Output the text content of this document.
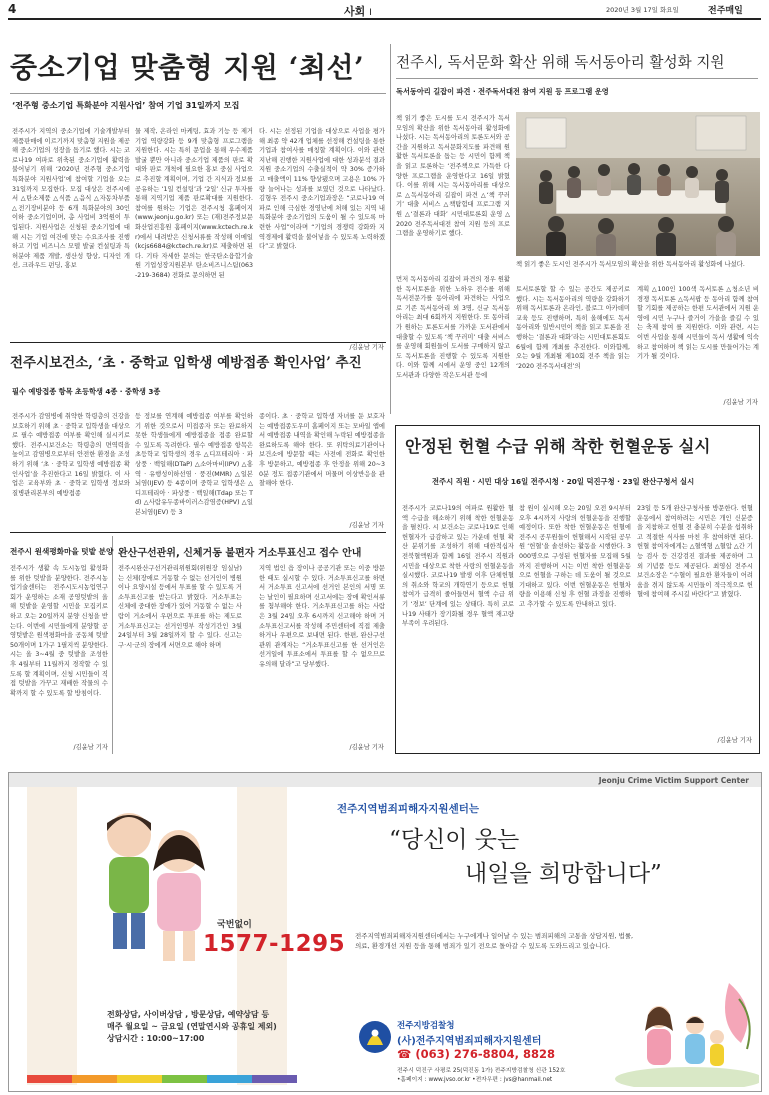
4	사회 I	2020년 3월 17일 화요일	전주매일
중소기업 맞춤형 지원 ‘최선’
‘전주형 중소기업 특화분야 지원사업’ 참여 기업 31일까지 모집
전주시가 지역의 중소기업에 기술개발부터 제품판매에 이르기까지 맞춤형 지원을 제공해 중소기업의 성장을 돕기로 했다. 시는 코로나19 여파로 위축된 중소기업에 활력을 불어넣기 위해 ‘2020년 전주형 중소기업 특화분야 지원사업’에 참여할 기업을 오는 31일까지 모집한다. 모집 대상은 전주시에서 △탄소제품 △식품 △음식 △자동차부품 △전기장비분야 등 6개 특화분야의 30인 이하 중소기업이며, 총 사업비 3억원이 투입된다. 지원사업은 신청된 중소기업에 대해 시는 기업 여건에 맞는 수요조사를 진행하고 기업 비즈니스 모델 발굴 컨설팅과 특허분야 제품 개발, 생산성 향상, 디자인 개선, 크라우드 펀딩, 홍보
물 제작, 온라인 마케팅, 효과 기능 등 제거 기업 역량강화 등 9개 맞춤형 프로그램을 지원한다. 시는 특히 문업을 통해 우수제품 발굴 뿐만 아니라 중소기업 제품의 판로 확대와 판로 개척에 필요한 홍보 중심 사업으로 추진할 계획이며, 기업 간 지식과 정보를 공유하는 ‘1일 컨설팅’과 ‘2일’ 신규 투자를 통해 지역기업 제품 판로확대를 지원한다. 참여를 원하는 기업은 전주시청 홈페이지(www.jeonju.go.kr) 또는 (재)전주정보문화산업진흥원 홈페이지(www.kctech.re.kr)에서 내려받은 신청서류를 작성해 이메일(kcjs6684@kctech.re.kr)로 제출하면 된다. 기타 자세한 문의는 한국탄소융합기술원 기업성장지원본부 탄소비즈니스팀(063-219-3684) 전화로 문의하면 된
다. 시는 선정된 기업을 대상으로 사업을 평가해 최종 약 42개 업체를 선정해 컨설팅을 통한 기업과 참여사를 매칭할 계획이다. 이와 관련 지난해 진행한 지원사업에 대한 성과분석 결과 지원 중소기업의 수출실적이 약 30% 증가하고 매출액이 11% 향상됐으며 고용은 10% 가량 늘어나는 성과를 보였던 것으로 나타났다. 김형우 전주시 중소기업과장은 “코로나19 여파로 인해 극심한 경영난에 처해 있는 지역 내 특화분야 중소기업의 도움이 될 수 있도록 마련한 사업”이라며 “기업의 경쟁력 강화와 지역경제에 활력을 불어넣을 수 있도록 노력하겠다”고 밝혔다.
/김윤남 기자
전주시보건소, ‘초 · 중학교 입학생 예방접종 확인사업’ 추진
필수 예방접종 항목 초등학생 4종 · 중학생 3종
전주시가 감염병에 취약한 학령층의 건강을 보호하기 위해 초 · 중학교 입학생을 대상으로 필수 예방접종 여부를 확인해 실시키로 했다. 전주시보건소는 학령층의 면역력을 높이고 감염병으로부터 안전한 환경을 조성하기 위해 ‘초 · 중학교 입학생 예방접종 확인사업’을 추진한다고 16일 밝혔다. 이 사업은 교육부와 초 · 중학교 입학생 정보와 질병관리본부의 예방접종
등 정보를 연계해 예방접종 여부를 확인하기 위한 것으로서 미접종자 또는 완료하지 못한 학생들에게 예방접종을 접종 완료할 수 있도록 독려한다. 필수 예방접종 항목은 초등학교 입학생의 경우 △디프테리아 · 파상풍 · 백일해(DTaP) △소아마비(IPV) △홍역 · 유행성이하선염 · 풍진(MMR) △일본뇌염(IJEV) 등 4종이며 중학교 입학생은 △디프테리아 · 파상풍 · 백일해(Tdap 또는 Td) △사람유두종바이러스감염증(HPV) △일본뇌염(JEV) 등 3
종이다. 초 · 중학교 입학생 자녀를 둔 보호자는 예방접종도우미 홈페이지 또는 모바일 앱에서 예방접종 내역을 확인해 누락된 예방접종을 완료하도록 해야 한다. 또 위탁의료기관이나 보건소에 방문할 때는 사전에 전화로 확인한 후 방문하고, 예방접종 후 안정을 위해 20~30분 정도 접종기관에서 머물며 이상반응을 관찰해야 한다.
/김윤남 기자
전주시 원색평화마을 텃밭 분양
전주시가 생활 속 도시농업 활성화를 위한 텃밭을 분양한다. 전주시농업기술센터는 전주시도시농업연구회가 운영하는 소재 공영텃밭의 올해 텃밭을 운영할 시민을 모집키로 하고 오는 20일까지 분양 신청을 받는다. 이번에 시민들에게 분양할 공영텃밭은 원색평화마을 공동체 텃밭 50개이며 1가구 1필지씩 분양한다. 시는 올 3~4월 중 텃밭을 조성한 후 4월부터 11월까지 경작할 수 있도록 할 계획이며, 신청 시민들이 직접 텃밭을 가꾸고 재배한 작물의 수확까지 할 수 있도록 할 방침이다.
/김윤남 기자
완산구선관위, 신체거동 불편자 거소투표신고 접수 안내
전주시완산구선거관리위원회(위원장 임실남)는 신체(장애로 거동할 수 없는 선거인이 병원이나 요양시설 등에서 투표를 할 수 있도록 거소투표신고를 받는다고 밝혔다. 거소투표는 신체에 중대한 장애가 있어 거동할 수 없는 사람이 거소에서 우편으로 투표를 하는 제도로 거소투표신고는 선거인명부 작성기간인 3월 24일부터 3월 28일까지 할 수 있다. 신고는 구·시·군의 장에게 서면으로 해야 하며
지역 법인 읍 장이나 공공기관 또는 이중 방문한 때도 실시할 수 있다. 거소투표신고를 하면서 거소투표 신고서에 선거인 본인의 서명 또는 날인이 필요하며 신고서에는 장애 확인서류를 첨부해야 한다. 거소투표신고를 하는 사람은 3월 24일 오후 6시까지 신고해야 하며 거소투표신고서를 작성해 주민센터에 직접 제출하거나 우편으로 보내면 된다. 한편, 완산구선관위 관계자는 “거소투표신고를 한 선거인은 선거일에 투표소에서 투표를 할 수 없으므로 유의해 달라”고 당부했다.
/김윤남 기자
전주시, 독서문화 확산 위해 독서동아리 활성화 지원
독서동아리 길잡이 파견 · 전주독서대전 참여 지원 등 프로그램 운영
책 읽기 좋은 도시를 도시 전주시가 독서모임의 확산을 위한 독서동아리 활성화에 나섰다. 시는 독서동아리의 토론도서와 공간을 지원하고 독서문화지도를 파견해 원활한 독서토론을 돕는 등 시민이 함께 책을 읽고 토론하는 ‘전주책으로 가득한 다양한 프로그램을 운영한다고 16일 밝혔다. 이를 위해 시는 독서동아리를 대상으로 △독서동아리 길잡이 파견 △‘책 꾸러기’ 대출 서비스 △책탐험대 프로그램 지원 △‘결론과 대화’ 시민대토론회 운영 △ 2020 전주독서대전 참여 지원 등의 프로그램을 운영하기로 했다.
먼저 독서동아리 길잡이 파견의 경우 원활한 독서토론을 위한 노하우 전수를 위해 독서전문가를 동아리에 파견하는 사업으로 기존 독서동아리 외 3명, 신규 독서동아리는 최대 6회까지 지원한다. 또 동아리가 원하는 토론도서를 가까운 도서관에서 대출할 수 있도록 ‘책 꾸러미’ 대출 서비스를 운영해 회원들이 도서를 구매하지 않고도 독서토론을 진행할 수 있도록 지원한다. 이와 함께 시에서 운영 중인 12개의 도서관과 다양한 작은도서관 등에
책 읽기 좋은 도시인 전주시가 독서모임의 확산을 위한 독서동아리 활성화에 나섰다.
토서토론할 할 수 있는 공간도 제공키로 했다. 시는 독서동아리의 역량을 강화하기 위해 독서토론과 온라인, 블로그 아카데미 교육 등도 진행하며, 특히 올해에도 독서동아리와 일반시민이 책을 읽고 토론을 진행하는 ‘결론과 대화’라는 시민대토론회도 6월에 함께 개최를 추진한다. 이와함께, 오는 9월 개최될 제10회 전주 책을 읽는 ‘2020 전주독서대전’의
계획 △100인 100색 독서토론 △청소년 비경쟁 독서토론 △독서팝 등 동아리 함께 참여할 기회를 제공하는 한편 도서관에서 지원 운영에 시민 누구나 즐거이 가을을 즐길 수 있는 축제 참여 를 지원한다. 이와 관련, 시는 이번 사업을 통해 시민들이 독서 생활에 익숙하고 참여하며 책 읽는 도시를 만들어가는 계기가 될 것이다.
/김윤남 기자
안정된 헌혈 수급 위해 착한 헌혈운동 실시
전주시 직원 · 시민 대상 16일 전주시청 · 20일 덕진구청 · 23일 완산구청서 실시
전주시가 코로나19의 여파로 원활한 혈액 수급을 해소하기 위해 착한 헌혈운동을 펼친다. 시 보건소는 코로나19로 인해 헌혈자가 급감하고 있는 가운데 헌혈 확산 분위기를 조성하기 위해 대한적십자 전북혈액원과 함께 16일 전주시 직원과 시민을 대상으로 착한 사랑의 헌혈운동을 실시했다. 코로나19 발생 이후 단체헌혈의 취소와 학교의 개학연기 등으로 헌혈 참여가 급격히 줄어들면서 혈액 수급 위기 ‘경보’ 단계에 있는 상태다. 특히 코로나19 사태가 장기화될 경우 혈액 재고량부족이 우려된다.
참 원이 실시해 오는 20일 오전 9시부터 오후 4시까지 사랑의 헌혈운동을 진행할 예정이다. 또한 착한 헌혈운동은 헌혈에 전주시 공무원들이 헌혈해서 시작된 공무원 ‘헌혈’을 솔선하는 활동을 시행한다. 3000명으로 구성된 헌혈자를 모집해 5월까지 진행하며 시는 이번 착한 헌혈운동으로 헌혈을 구하는 데 도움이 될 것으로 기대하고 있다. 이번 헌혈운동은 헌혈차량을 이용해 신청 후 헌혈 과정을 진행하고 추가할 수 있도록 안내하고 있다.
23일 등 5개 완산구청사를 방문한다. 헌혈운동에서 참여하려는 시민은 개인 신분증을 지참하고 헌혈 전 충분히 수분을 섭취하고 적절한 식사를 마친 후 참여하면 된다. 헌혈 참여자에게는 △혈액형 △혈압 △간 기능 검사 등 건강검진 결과를 제공하며 그 외 기념품 등도 제공된다. 최영심 전주시 보건소장은 “수혈이 필요한 환자들이 어려움을 겪지 않도록 시민들이 적극적으로 헌혈에 참여해 주시길 바란다”고 밝혔다.
/김윤남 기자
Jeonju Crime Victim Support Center
국번없이
1577-1295
전화상담, 사이버상담 , 방문상담, 예약상담 등
매주 월요일 ~ 금요일 (연말연시와 공휴일 제외)
상담시간 : 10:00~17:00
전주지역범죄피해자지원센터는
“당신이 웃는
내일을 희망합니다”
전주지역범죄피해자지원센터에서는 누구에게나 일어날 수 있는 범죄피해의 고통을 상담지원, 법률, 의료, 환경개선 지원 등을 통해 범죄가 있기 전으로 돌아갈 수 있도록 도와드리고 있습니다.
전주지방검찰청
(사)전주지역범죄피해자지원센터
☎ (063) 276-8804, 8828
전주시 덕진구 사평로 25(덕진동 1가) 전주지방검찰청 신관 152호
•홈페이지 : www.jvso.or.kr •전자우편 : jvs@hanmail.net
